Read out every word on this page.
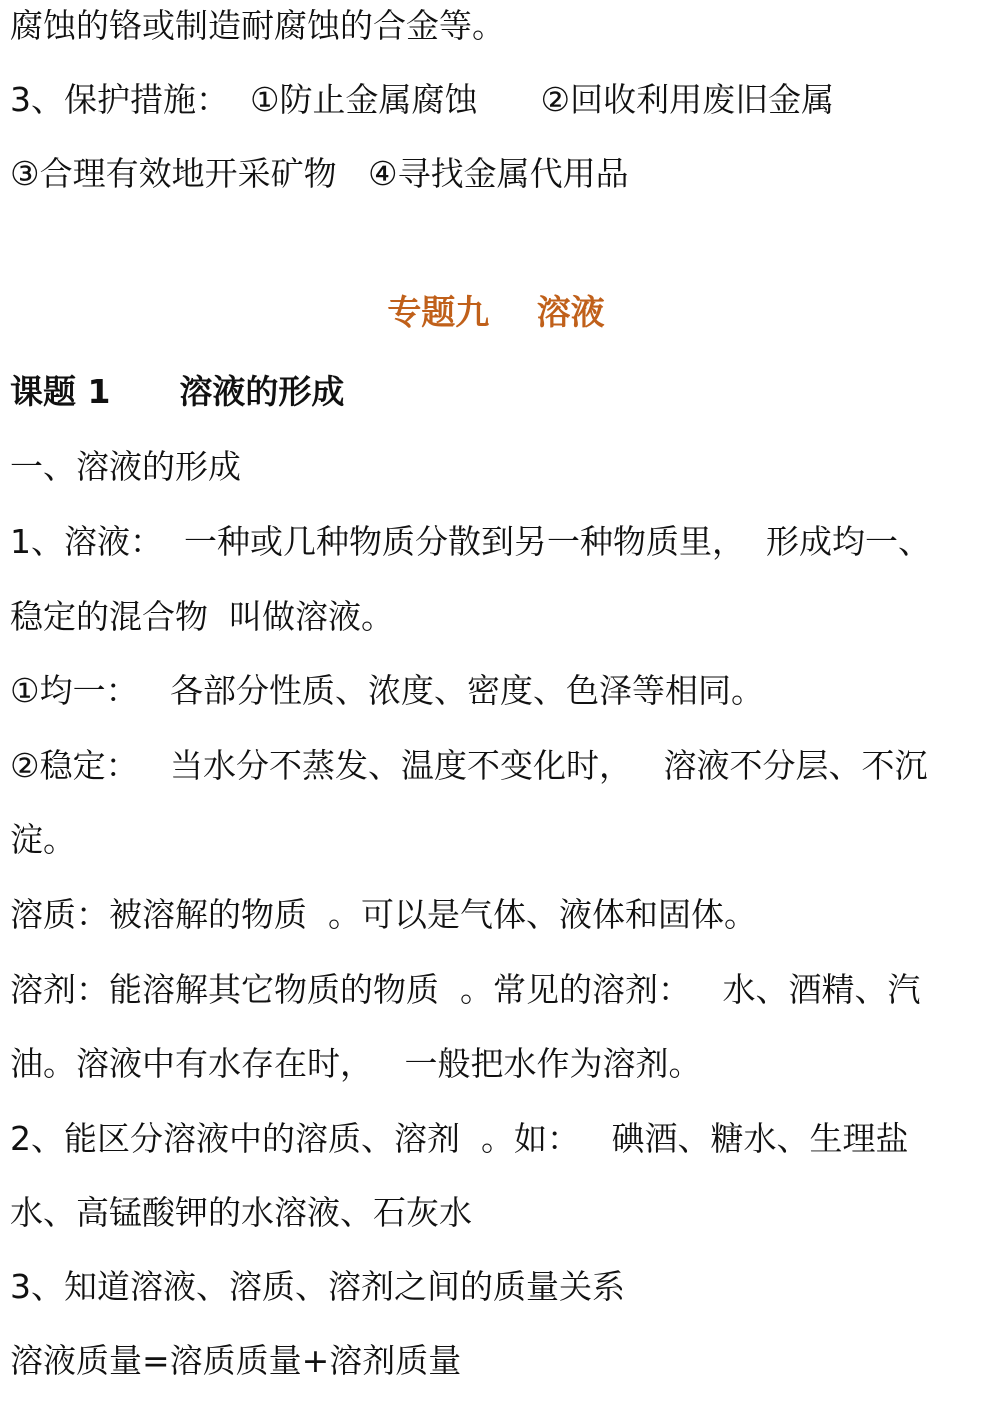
腐蚀的铬或制造耐腐蚀的合金等。
3、保护措施：  ①防止金属腐蚀      ②回收利用废旧金属
③合理有效地开采矿物   ④寻找金属代用品
专题九    溶液
课题 1      溶液的形成
一、溶液的形成
1、溶液：  一种或几种物质分散到另一种物质里，  形成均一、
稳定的混合物  叫做溶液。
①均一：   各部分性质、浓度、密度、色泽等相同。
②稳定：   当水分不蒸发、温度不变化时，   溶液不分层、不沉
淀。
溶质：被溶解的物质  。可以是气体、液体和固体。
溶剂：能溶解其它物质的物质  。常见的溶剂：   水、酒精、汽
油。溶液中有水存在时，   一般把水作为溶剂。
2、能区分溶液中的溶质、溶剂  。如：   碘酒、糖水、生理盐
水、高锰酸钾的水溶液、石灰水
3、知道溶液、溶质、溶剂之间的质量关系
溶液质量=溶质质量+溶剂质量
